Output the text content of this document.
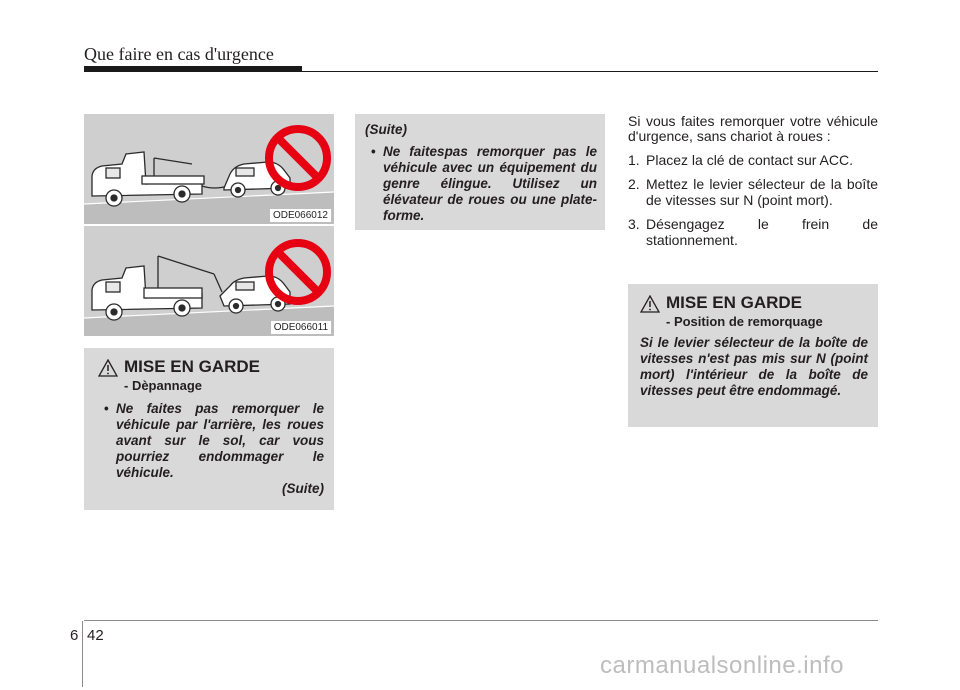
Que faire en cas d'urgence
ODE066012
ODE066011
MISE EN GARDE
- Dèpannage
• Ne faites pas remorquer le véhicule par l'arrière, les roues avant sur le sol, car vous pourriez endommager le véhicule.
(Suite)
(Suite)
• Ne faitespas remorquer pas le véhicule avec un équipement du genre élingue. Utilisez un élévateur de roues ou une plate-forme.
Si vous faites remorquer votre véhicule d'urgence, sans chariot à roues :
1. Placez la clé de contact sur ACC.
2. Mettez le levier sélecteur de la boîte de vitesses sur N (point mort).
3. Désengagez le frein de stationnement.
MISE EN GARDE
- Position de remorquage
Si le levier sélecteur de la boîte de vitesses n'est pas mis sur N (point mort) l'intérieur de la boîte de vitesses peut être endommagé.
6 42
carmanualsonline.info
